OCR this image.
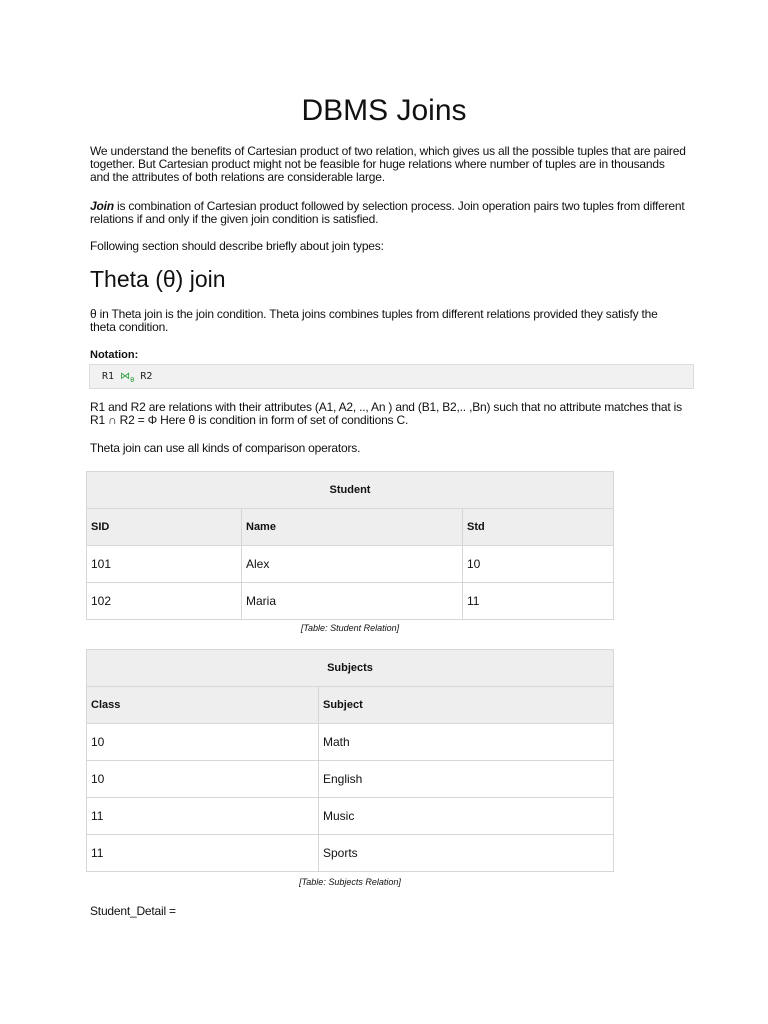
DBMS Joins

We understand the benefits of Cartesian product of two relation, which gives us all the possible tuples that are paired together. But Cartesian product might not be feasible for huge relations where number of tuples are in thousands and the attributes of both relations are considerable large.

Join is combination of Cartesian product followed by selection process. Join operation pairs two tuples from different relations if and only if the given join condition is satisfied.

Following section should describe briefly about join types:

Theta (θ) join

θ in Theta join is the join condition. Theta joins combines tuples from different relations provided they satisfy the theta condition.

Notation:

R1 $⋈_\theta$ R2

R1 and R2 are relations with their attributes (A1, A2, .., An ) and (B1, B2,.. ,Bn) such that no attribute matches that is R1 ∩ R2 = Φ Here θ is condition in form of set of conditions C.

Theta join can use all kinds of comparison operators.

Student		
SID	Name	Std
101	Alex	10
102	Maria	11
[Table: Student Relation]
Subjects	
Class	Subject
10	Math
10	English
11	Music
11	Sports
[Table: Subjects Relation]

Student_Detail =
